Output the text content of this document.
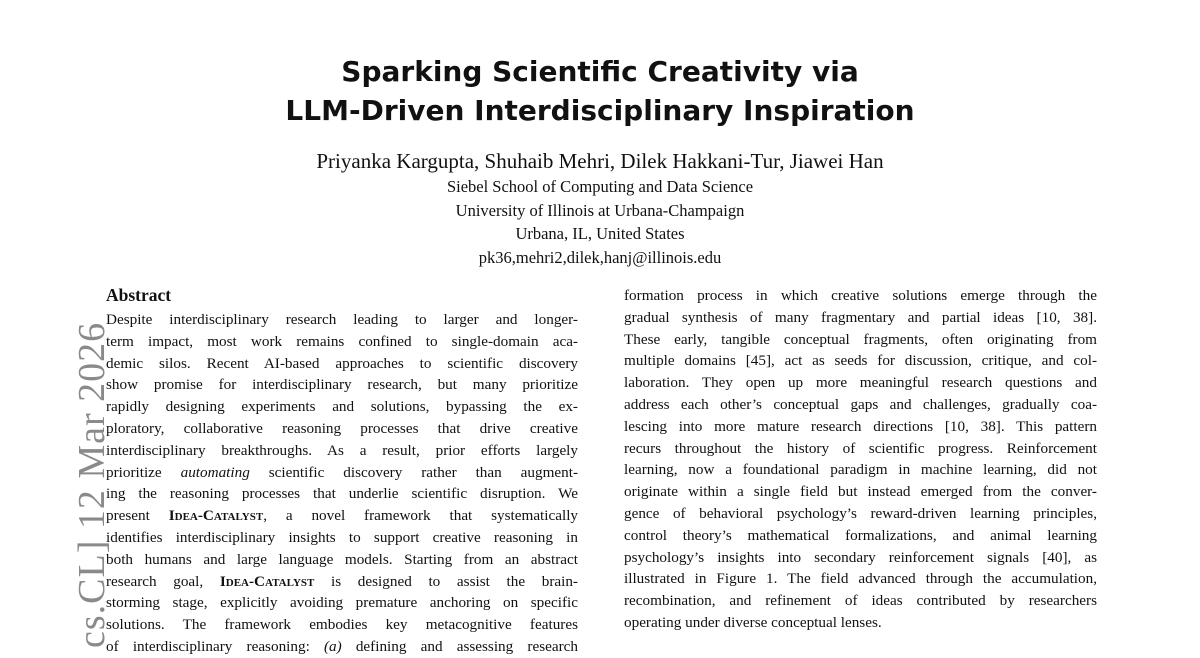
Sparking Scientific Creativity via
LLM-Driven Interdisciplinary Inspiration
Priyanka Kargupta, Shuhaib Mehri, Dilek Hakkani-Tur, Jiawei Han
Siebel School of Computing and Data Science
University of Illinois at Urbana-Champaign
Urbana, IL, United States
pk36,mehri2,dilek,hanj@illinois.edu
cs.CL] 12 Mar 2026
Abstract
Despite interdisciplinary research leading to larger and longer-
term impact, most work remains confined to single-domain aca-
demic silos. Recent AI-based approaches to scientific discovery
show promise for interdisciplinary research, but many prioritize
rapidly designing experiments and solutions, bypassing the ex-
ploratory, collaborative reasoning processes that drive creative
interdisciplinary breakthroughs. As a result, prior efforts largely
prioritize automating scientific discovery rather than augment-
ing the reasoning processes that underlie scientific disruption. We
present Idea-Catalyst, a novel framework that systematically
identifies interdisciplinary insights to support creative reasoning in
both humans and large language models. Starting from an abstract
research goal, Idea-Catalyst is designed to assist the brain-
storming stage, explicitly avoiding premature anchoring on specific
solutions. The framework embodies key metacognitive features
of interdisciplinary reasoning: (a) defining and assessing research
formation process in which creative solutions emerge through the
gradual synthesis of many fragmentary and partial ideas [10, 38].
These early, tangible conceptual fragments, often originating from
multiple domains [45], act as seeds for discussion, critique, and col-
laboration. They open up more meaningful research questions and
address each other’s conceptual gaps and challenges, gradually coa-
lescing into more mature research directions [10, 38]. This pattern
recurs throughout the history of scientific progress. Reinforcement
learning, now a foundational paradigm in machine learning, did not
originate within a single field but instead emerged from the conver-
gence of behavioral psychology’s reward-driven learning principles,
control theory’s mathematical formalizations, and animal learning
psychology’s insights into secondary reinforcement signals [40], as
illustrated in Figure 1. The field advanced through the accumulation,
recombination, and refinement of ideas contributed by researchers
operating under diverse conceptual lenses.
